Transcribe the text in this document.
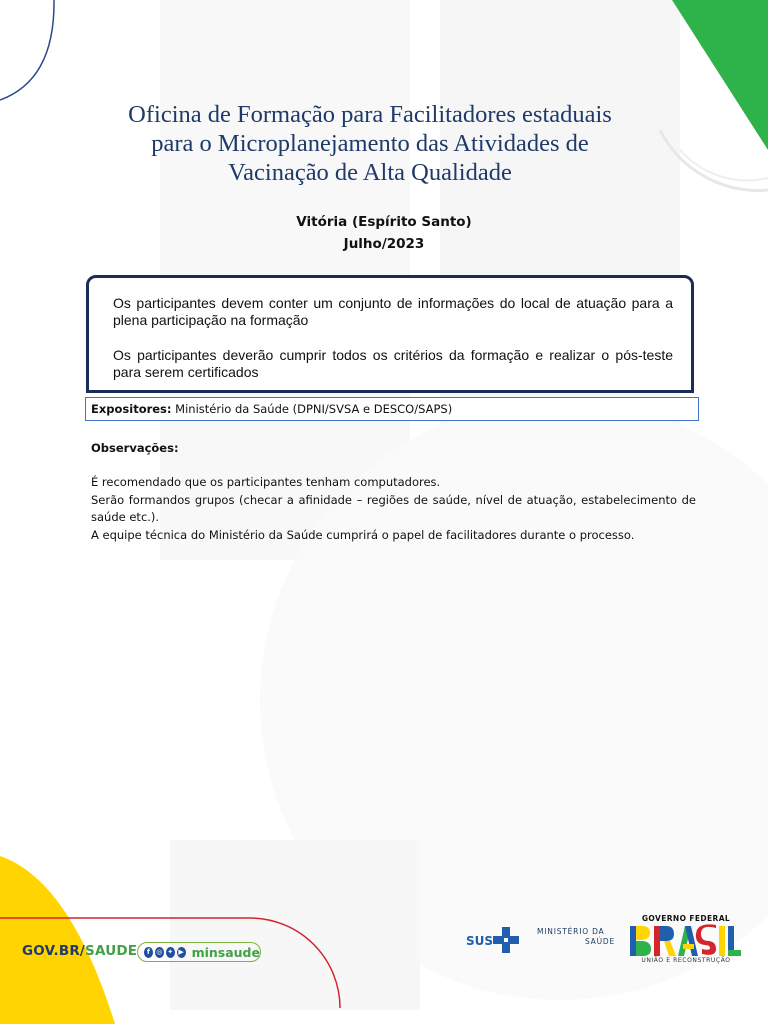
Oficina de Formação para Facilitadores estaduais
para o Microplanejamento das Atividades de
Vacinação de Alta Qualidade
Vitória (Espírito Santo)
Julho/2023

Os participantes devem conter um conjunto de informações do local de atuação para a plena participação na formação

Os participantes deverão cumprir todos os critérios da formação e realizar o pós-teste para serem certificados

Expositores: Ministério da Saúde (DPNI/SVSA e DESCO/SAPS)
Observações:
É recomendado que os participantes tenham computadores.
Serão formandos grupos (checar a afinidade – regiões de saúde, nível de atuação, estabelecimento de saúde etc.).
A equipe técnica do Ministério da Saúde cumprirá o papel de facilitadores durante o processo.
GOV.BR/SAUDE	f ◎ ✦ ▶ minsaude
SUS
MINISTÉRIO DA
SAÚDE
GOVERNO FEDERAL
UNIÃO E RECONSTRUÇÃO
